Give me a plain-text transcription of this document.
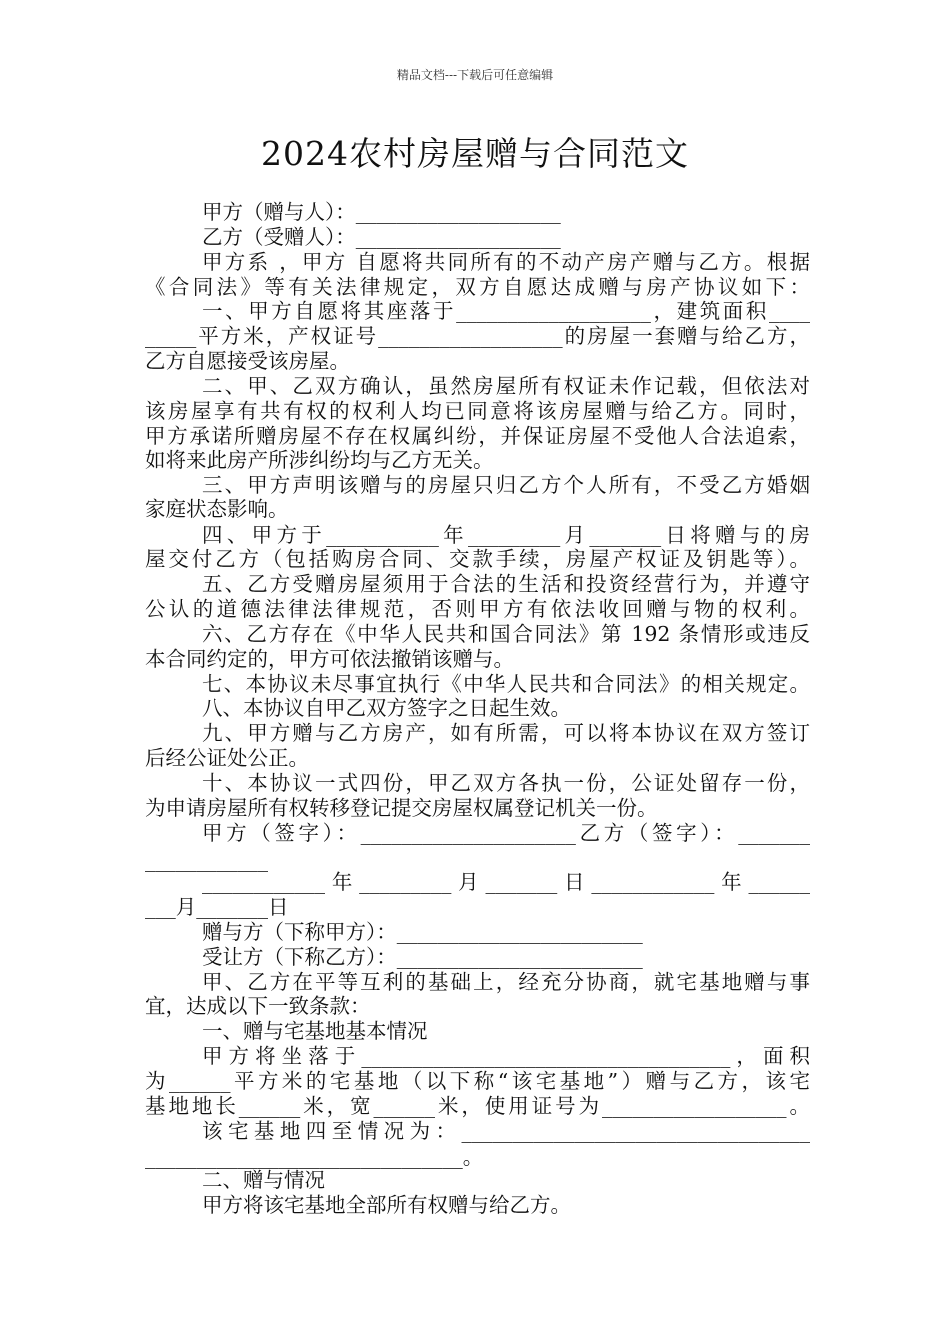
精品文档---下载后可任意编辑
2024农村房屋赠与合同范文
甲方（赠与人）：____________________
乙方（受赠人）：____________________
甲方系 ，甲方 自愿将共同所有的不动产房产赠与乙方。根据
《合同法》等有关法律规定，双方自愿达成赠与房产协议如下：
一、甲方自愿将其座落于___________________，建筑面积____
_____平方米，产权证号__________________的房屋一套赠与给乙方，
乙方自愿接受该房屋。
二、甲、乙双方确认，虽然房屋所有权证未作记载，但依法对
该房屋享有共有权的权利人均已同意将该房屋赠与给乙方。同时，
甲方承诺所赠房屋不存在权属纠纷，并保证房屋不受他人合法追索，
如将来此房产所涉纠纷均与乙方无关。
三、甲方声明该赠与的房屋只归乙方个人所有，不受乙方婚姻
家庭状态影响。
四、甲方于___________年_________月_______日将赠与的房
屋交付乙方（包括购房合同、交款手续，房屋产权证及钥匙等）。
五、乙方受赠房屋须用于合法的生活和投资经营行为，并遵守
公认的道德法律法律规范，否则甲方有依法收回赠与物的权利。
六、乙方存在《中华人民共和国合同法》第 192 条情形或违反
本合同约定的，甲方可依法撤销该赠与。
七、本协议未尽事宜执行《中华人民共和合同法》的相关规定。
八、本协议自甲乙双方签字之日起生效。
九、甲方赠与乙方房产，如有所需，可以将本协议在双方签订
后经公证处公正。
十、本协议一式四份，甲乙双方各执一份，公证处留存一份，
为申请房屋所有权转移登记提交房屋权属登记机关一份。
甲方（签字）：_____________________乙方（签字）：_______
____________
____________年_________月_______日____________年______
___月_______日
赠与方（下称甲方）：________________________
受让方（下称乙方）：________________________
甲、乙方在平等互利的基础上，经充分协商，就宅基地赠与事
宜，达成以下一致条款：
一、赠与宅基地基本情况
甲方将坐落于____________________________________，面积
为______平方米的宅基地（以下称“该宅基地”）赠与乙方，该宅
基地地长______米，宽______米，使用证号为__________________。
该宅基地四至情况为：__________________________________
_______________________________。
二、赠与情况
甲方将该宅基地全部所有权赠与给乙方。
